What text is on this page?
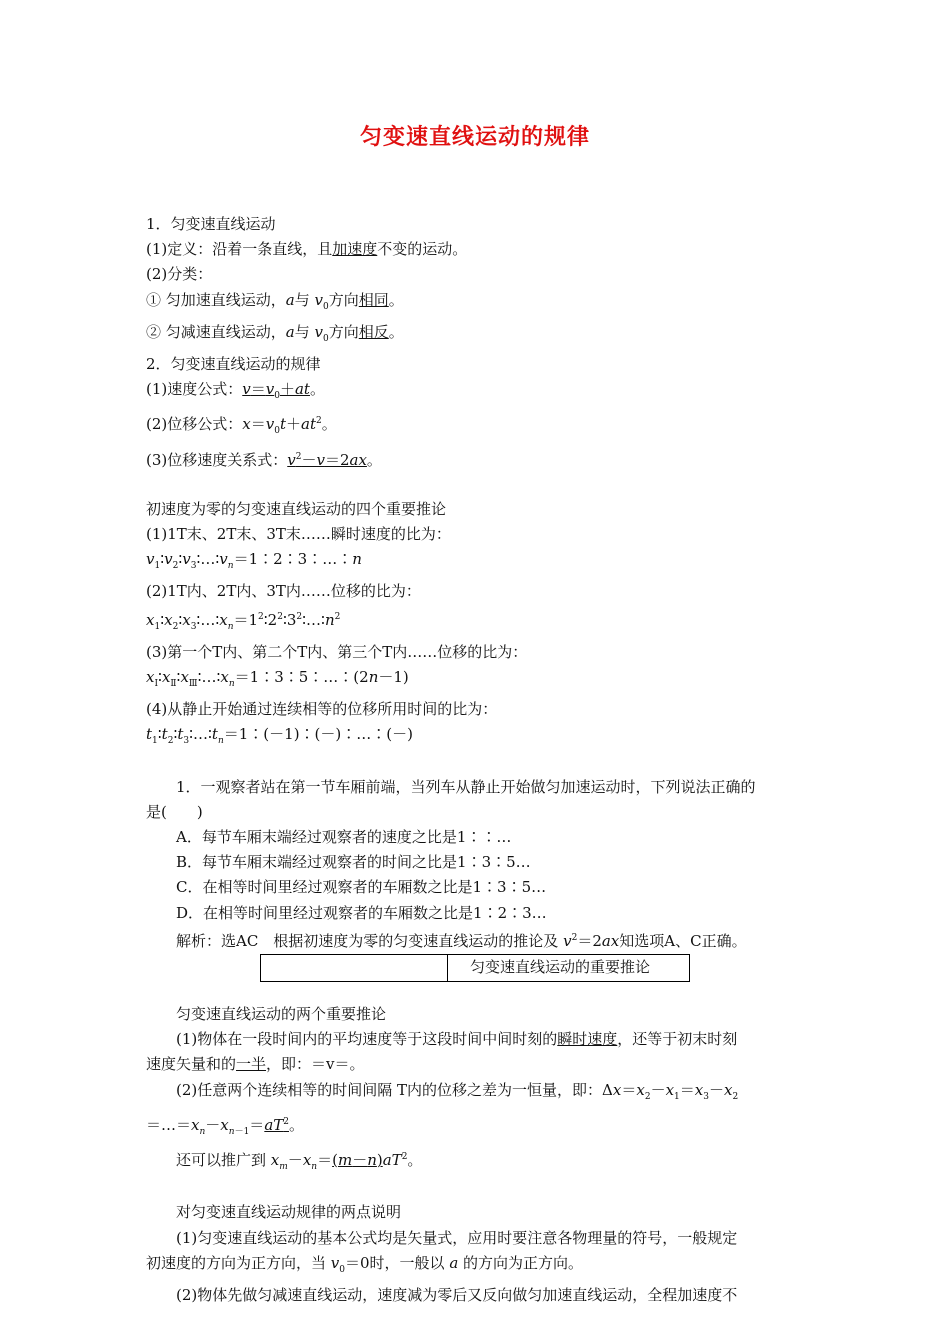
匀变速直线运动的规律
1．匀变速直线运动
(1)定义：沿着一条直线，且加速度不变的运动。
(2)分类：
① 匀加速直线运动，a与 $v_0$方向相同。
② 匀减速直线运动，a与 $v_0$方向相反。
2．匀变速直线运动的规律
(1)速度公式：$v=v_0+at$。
(2)位移公式：$x=v_0t+at^2$。
(3)位移速度关系式：$v^2-v=2ax$。
初速度为零的匀变速直线运动的四个重要推论
(1)1T末、2T末、3T末……瞬时速度的比为：
$v_1∶v_2∶v_3∶\dots∶v_n=1∶2∶3∶\dots∶n$
(2)1T内、2T内、3T内……位移的比为：
$x_1∶x_2∶x_3∶\dots∶x_n=1^2∶2^2∶3^2∶\dots∶n^2$
(3)第一个T内、第二个T内、第三个T内……位移的比为：
$x_Ⅰ∶x_Ⅱ∶x_Ⅲ∶\dots∶x_n=1∶3∶5∶\dots∶(2n-1)$
(4)从静止开始通过连续相等的位移所用时间的比为：
$t_1∶t_2∶t_3∶\dots∶t_n=1∶(-1)∶(-)∶\dots∶(-)$
1．一观察者站在第一节车厢前端，当列车从静止开始做匀加速运动时，下列说法正确的
是(　　)
A．每节车厢末端经过观察者的速度之比是1∶∶…
B．每节车厢末端经过观察者的时间之比是1∶3∶5…
C．在相等时间里经过观察者的车厢数之比是1∶3∶5…
D．在相等时间里经过观察者的车厢数之比是1∶2∶3…
解析：选AC　根据初速度为零的匀变速直线运动的推论及 $v^2=2ax$知选项A、C正确。
匀变速直线运动的重要推论
匀变速直线运动的两个重要推论
(1)物体在一段时间内的平均速度等于这段时间中间时刻的瞬时速度，还等于初末时刻
速度矢量和的一半，即：＝v＝。
(2)任意两个连续相等的时间间隔 T内的位移之差为一恒量，即：$\Delta x=x_2-x_1=x_3-x_2$
$=\dots=x_n-x_{n-1}=aT^2$。
还可以推广到 $x_m-x_n=(m-n)aT^2$。
对匀变速直线运动规律的两点说明
(1)匀变速直线运动的基本公式均是矢量式，应用时要注意各物理量的符号，一般规定
初速度的方向为正方向，当 $v_0=0$时，一般以 a 的方向为正方向。
(2)物体先做匀减速直线运动，速度减为零后又反向做匀加速直线运动，全程加速度不
